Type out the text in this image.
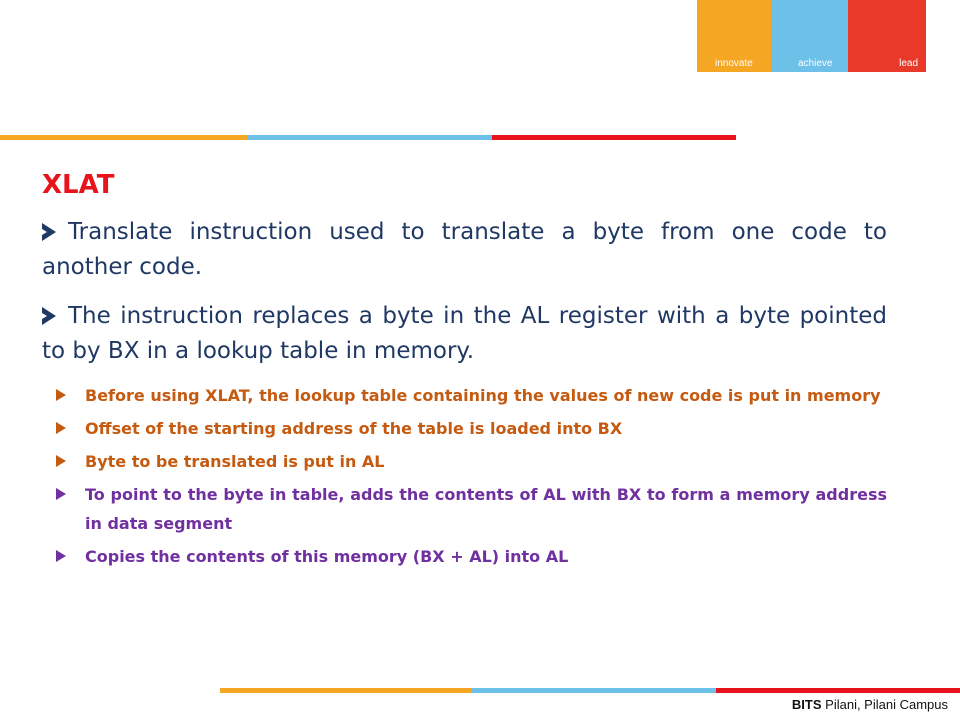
innovate	achieve	lead
XLAT
Translate instruction used to translate a byte from one code to another code.
The instruction replaces a byte in the AL register with a byte pointed to by BX in a lookup table in memory.
Before using XLAT, the lookup table containing the values of new code is put in memory
Offset of the starting address of the table is loaded into BX
Byte to be translated is put in AL
To point to the byte in table, adds the contents of AL with BX to form a memory address in data segment
Copies the contents of this memory (BX + AL) into AL
BITS Pilani, Pilani Campus
